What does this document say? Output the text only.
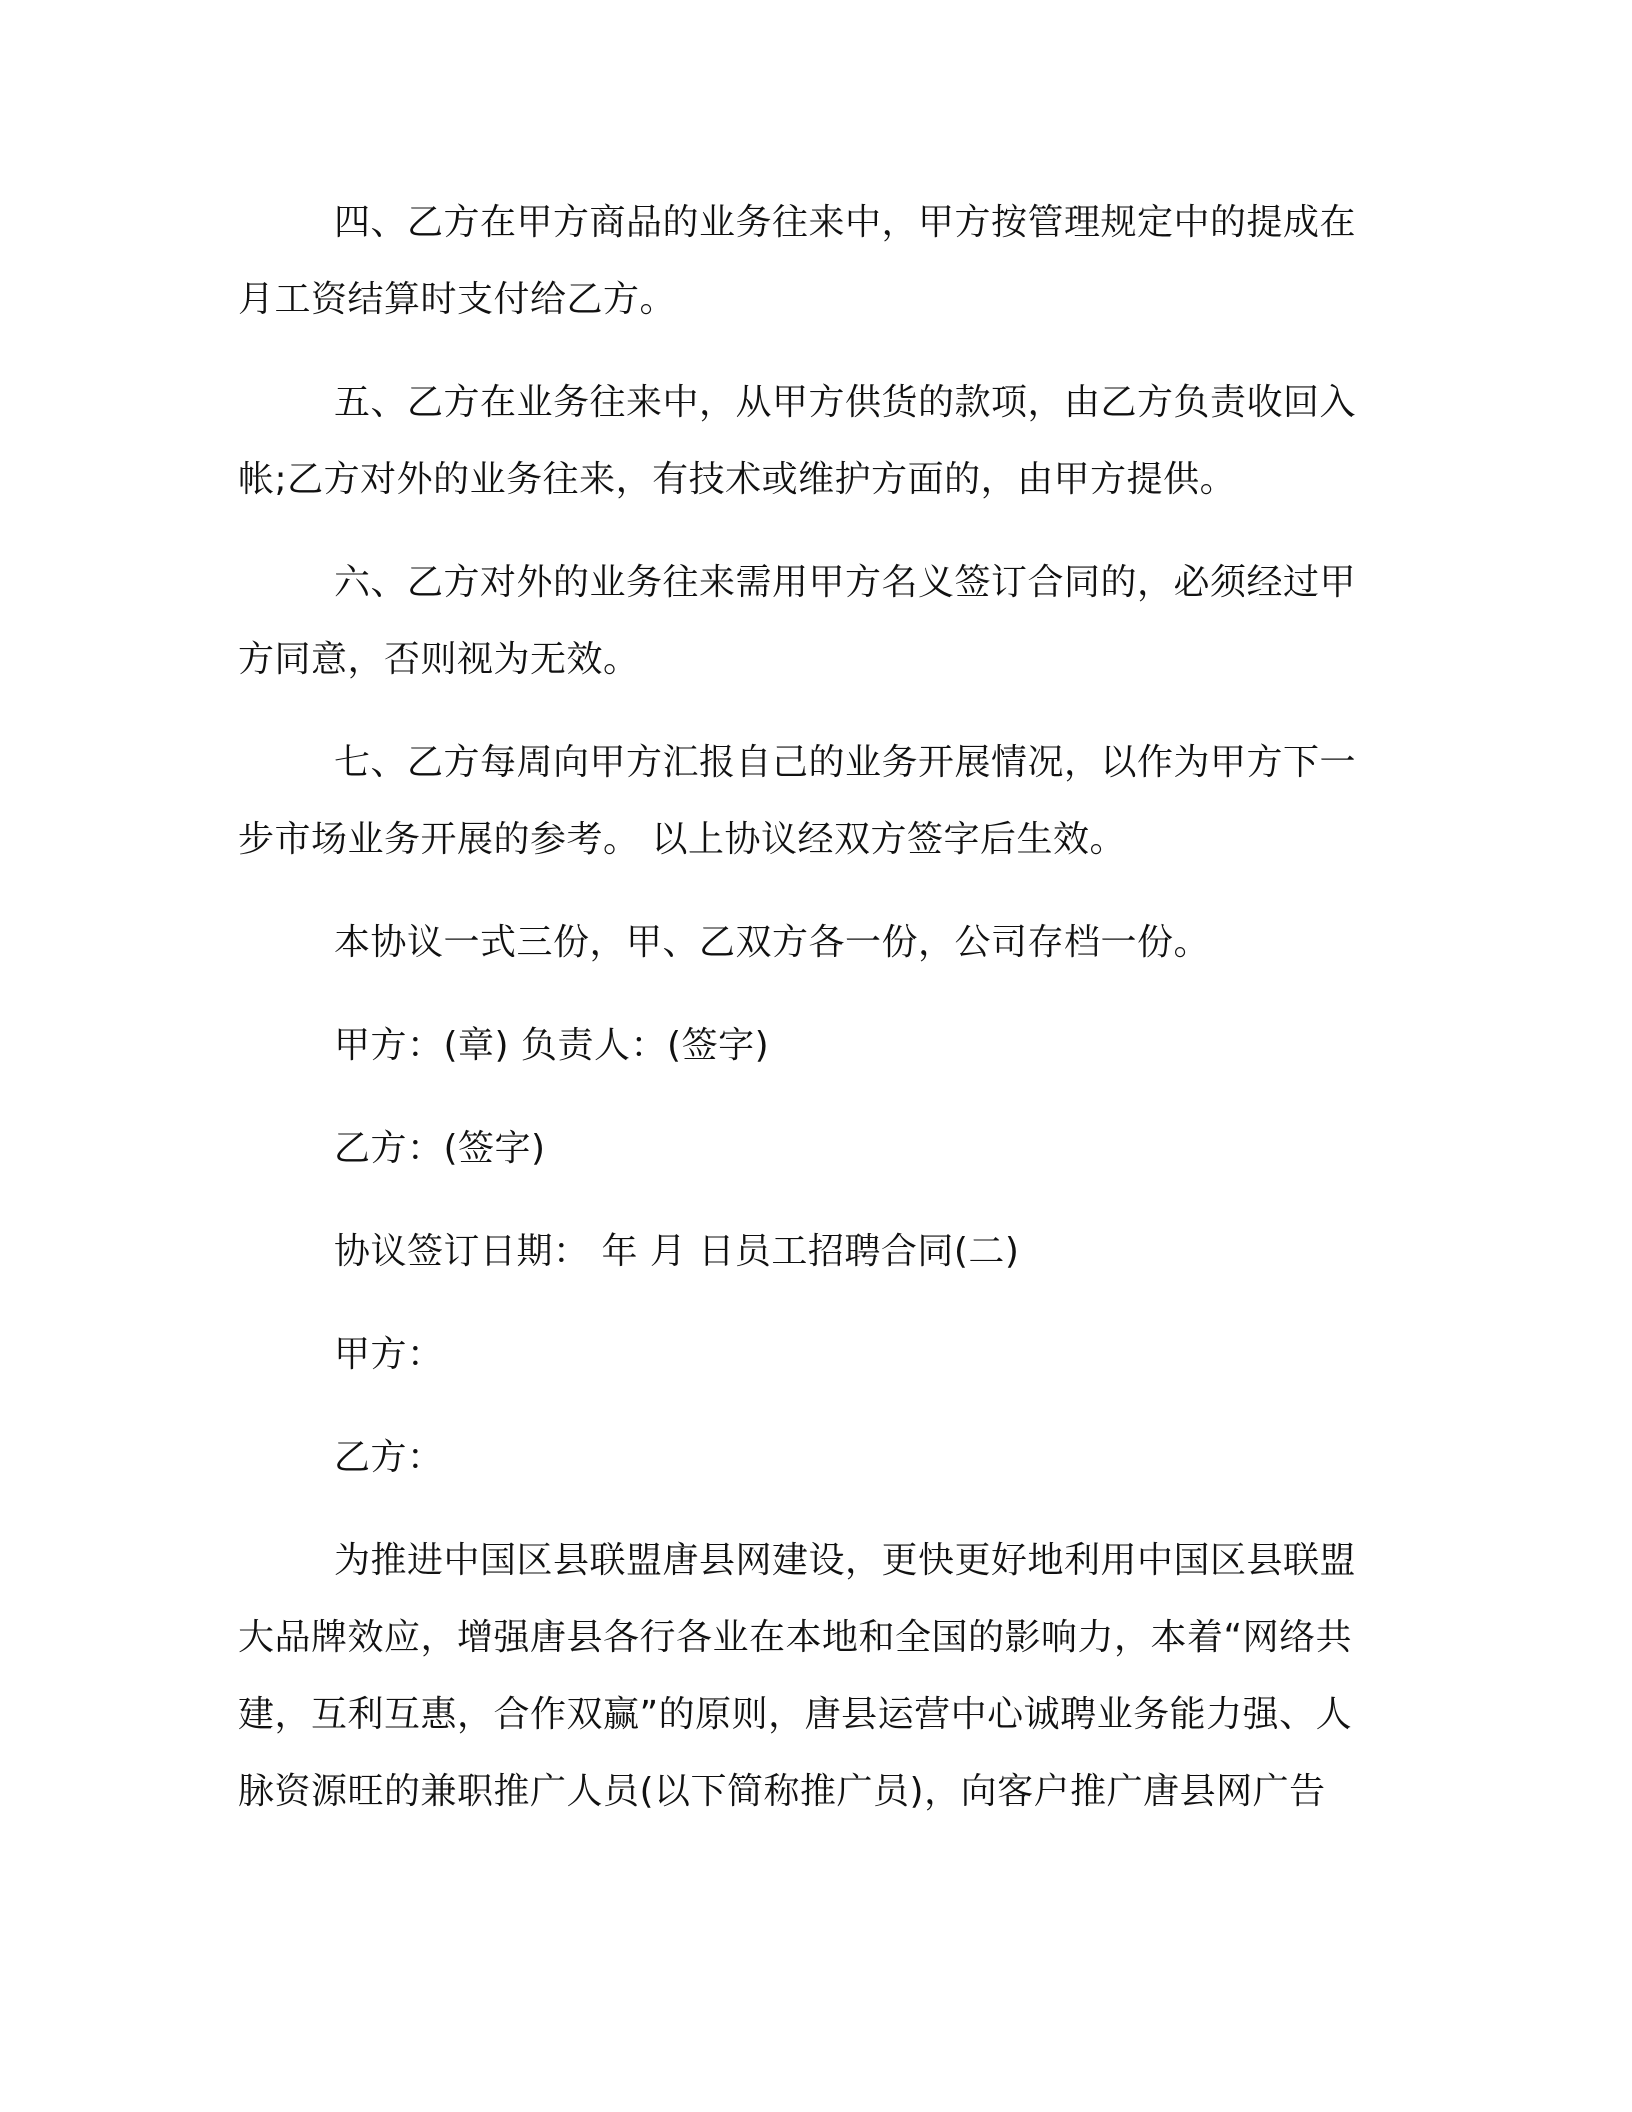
四、乙方在甲方商品的业务往来中，甲方按管理规定中的提成在月工资结算时支付给乙方。

五、乙方在业务往来中，从甲方供货的款项，由乙方负责收回入帐;乙方对外的业务往来，有技术或维护方面的，由甲方提供。

六、乙方对外的业务往来需用甲方名义签订合同的，必须经过甲方同意，否则视为无效。

七、乙方每周向甲方汇报自己的业务开展情况，以作为甲方下一步市场业务开展的参考。 以上协议经双方签字后生效。

本协议一式三份，甲、乙双方各一份，公司存档一份。

甲方：(章) 负责人：(签字)

乙方：(签字)

协议签订日期： 年 月 日员工招聘合同(二)

甲方：

乙方：

为推进中国区县联盟唐县网建设，更快更好地利用中国区县联盟大品牌效应，增强唐县各行各业在本地和全国的影响力，本着“网络共建，互利互惠，合作双赢”的原则，唐县运营中心诚聘业务能力强、人脉资源旺的兼职推广人员(以下简称推广员)，向客户推广唐县网广告
